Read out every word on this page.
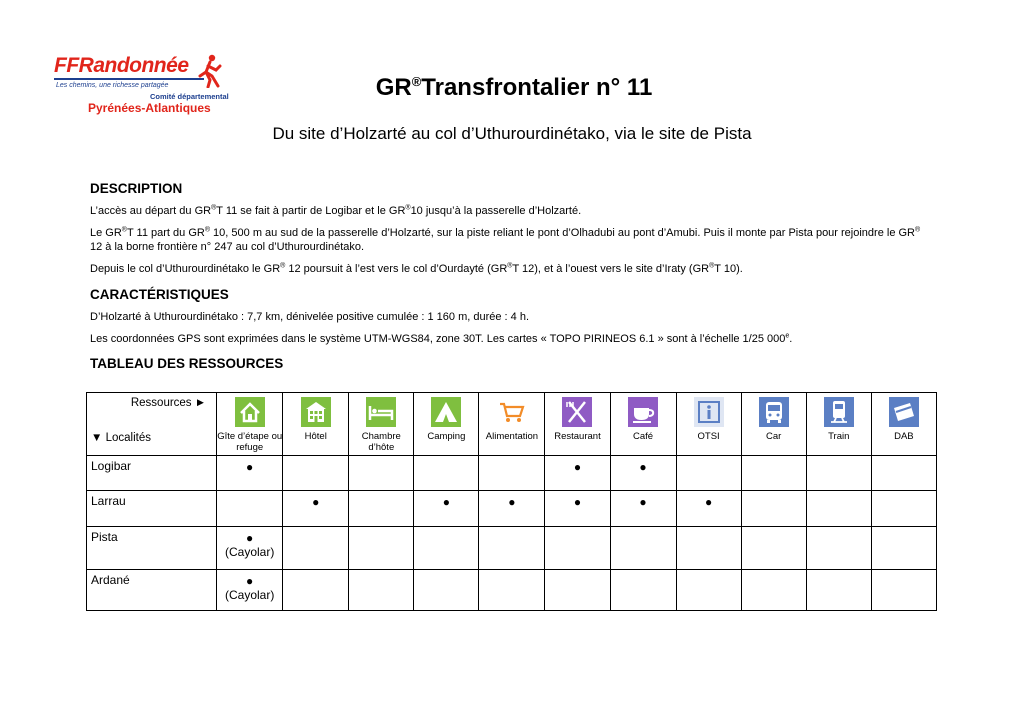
FFRandonnée
Les chemins, une richesse partagée
Comité départemental
Pyrénées-Atlantiques
GR®Transfrontalier n° 11
Du site d’Holzarté au col d’Uthurourdinétako, via le site de Pista
DESCRIPTION
L’accès au départ du GR®T 11 se fait à partir de Logibar et le GR®10 jusqu’à la passerelle d’Holzarté.
Le GR®T 11 part du GR® 10, 500 m au sud de la passerelle d’Holzarté, sur la piste reliant le pont d’Olhadubi au pont d’Amubi. Puis il monte par Pista pour rejoindre le GR® 12 à la borne frontière n° 247 au col d’Uthurourdinétako.
Depuis le col d’Uthurourdinétako le GR® 12 poursuit à l’est vers le col d’Ourdayté (GR®T 12), et à l’ouest vers le site d’Iraty (GR®T 10).
CARACTÉRISTIQUES
D’Holzarté à Uthurourdinétako : 7,7 km, dénivelée positive cumulée : 1 160 m, durée : 4 h.
Les coordonnées GPS sont exprimées dans le système UTM-WGS84, zone 30T. Les cartes « TOPO PIRINEOS 6.1 » sont à l’échelle 1/25 000e.
TABLEAU DES RESSOURCES
Ressources ►
▼ Localités	Gîte d’étape ou refuge	Hôtel	Chambre d’hôte	Camping	Alimentation	Restaurant	Café	OTSI	Car	Train	DAB

Logibar	●					●	●				
Larrau		●		●	●	●	●	●			
Pista	●
(Cayolar)										
Ardané	●
(Cayolar)										
